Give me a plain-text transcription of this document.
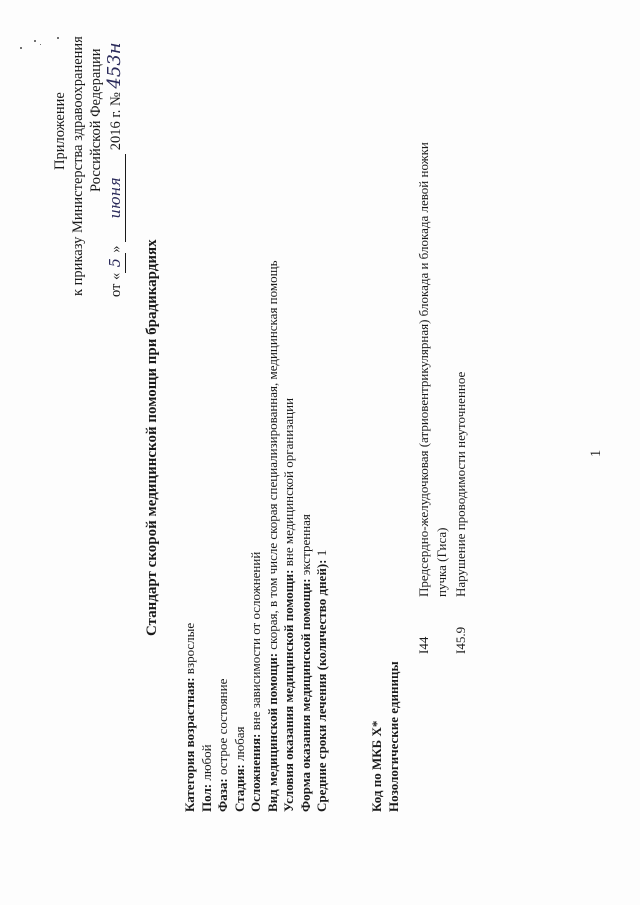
Приложение к приказу Министерства здравоохранения Российской Федерации
от «5» июня 2016 г. № 453н
Стандарт скорой медицинской помощи при брадикардиях
Категория возрастная: взрослые
Пол: любой
Фаза: острое состояние
Стадия: любая Осложнения: вне зависимости от осложнений Вид медицинской помощи: скорая, в том числе скорая специализированная, медицинская помощь
Условия оказания медицинской помощи: вне медицинской организации
Форма оказания медицинской помощи: экстренная
Средние сроки лечения (количество дней): 1
Код по МКБ Х* Нозологические единицы
I44
Предсердно-желудочковая (атриовентрикулярная) блокада и блокада левой ножки пучка (Гиса)
I45.9
Нарушение проводимости неуточненное	1
